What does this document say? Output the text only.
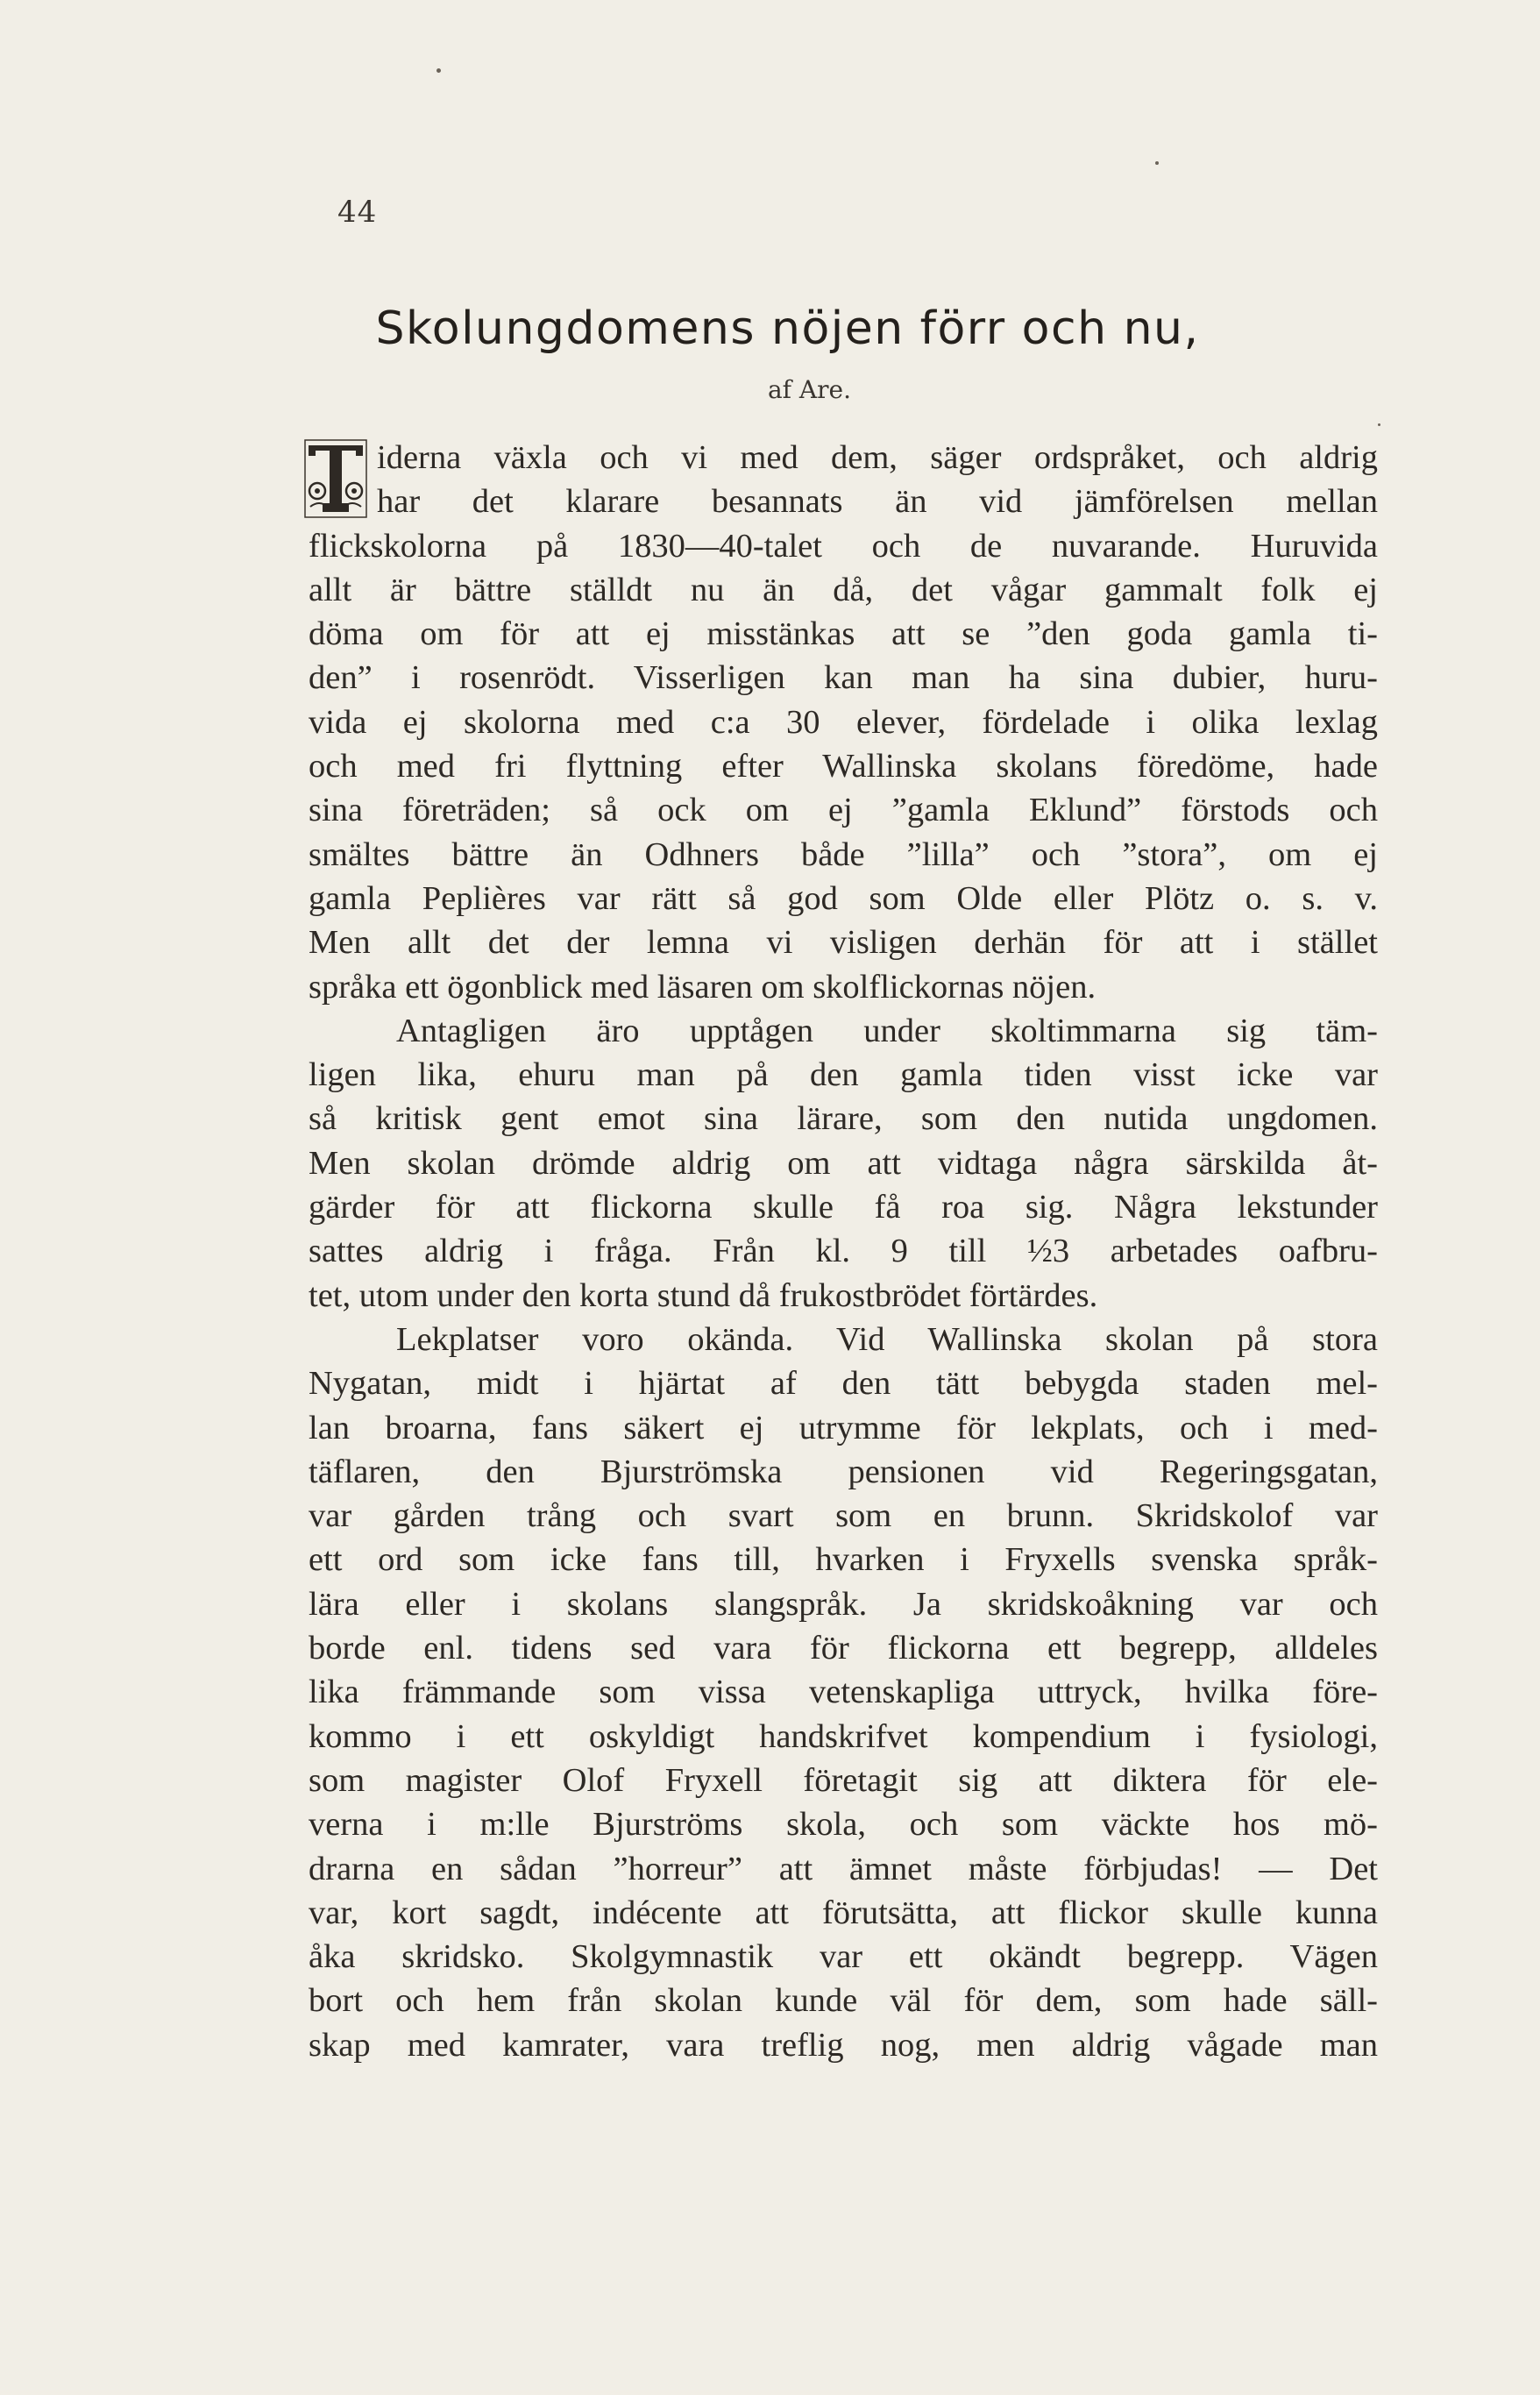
44
Skolungdomens nöjen förr och nu,
af Are.
iderna växla och vi med dem, säger ordspråket, och aldrig
har det klarare besannats än vid jämförelsen mellan
flickskolorna på 1830—40-talet och de nuvarande. Huruvida
allt är bättre ställdt nu än då, det vågar gammalt folk ej
döma om för att ej misstänkas att se ”den goda gamla ti-
den” i rosenrödt. Visserligen kan man ha sina dubier, huru-
vida ej skolorna med c:a 30 elever, fördelade i olika lexlag
och med fri flyttning efter Wallinska skolans föredöme, hade
sina företräden; så ock om ej ”gamla Eklund” förstods och
smältes bättre än Odhners både ”lilla” och ”stora”, om ej
gamla Peplières var rätt så god som Olde eller Plötz o. s. v.
Men allt det der lemna vi visligen derhän för att i stället
språka ett ögonblick med läsaren om skolflickornas nöjen.
Antagligen äro upptågen under skoltimmarna sig täm-
ligen lika, ehuru man på den gamla tiden visst icke var
så kritisk gent emot sina lärare, som den nutida ungdomen.
Men skolan drömde aldrig om att vidtaga några särskilda åt-
gärder för att flickorna skulle få roa sig. Några lekstunder
sattes aldrig i fråga. Från kl. 9 till ½3 arbetades oafbru-
tet, utom under den korta stund då frukostbrödet förtärdes.
Lekplatser voro okända. Vid Wallinska skolan på stora
Nygatan, midt i hjärtat af den tätt bebygda staden mel-
lan broarna, fans säkert ej utrymme för lekplats, och i med-
täflaren, den Bjurströmska pensionen vid Regeringsgatan,
var gården trång och svart som en brunn. Skridskolof var
ett ord som icke fans till, hvarken i Fryxells svenska språk-
lära eller i skolans slangspråk. Ja skridskoåkning var och
borde enl. tidens sed vara för flickorna ett begrepp, alldeles
lika främmande som vissa vetenskapliga uttryck, hvilka före-
kommo i ett oskyldigt handskrifvet kompendium i fysiologi,
som magister Olof Fryxell företagit sig att diktera för ele-
verna i m:lle Bjurströms skola, och som väckte hos mö-
drarna en sådan ”horreur” att ämnet måste förbjudas! — Det
var, kort sagdt, indécente att förutsätta, att flickor skulle kunna
åka skridsko. Skolgymnastik var ett okändt begrepp. Vägen
bort och hem från skolan kunde väl för dem, som hade säll-
skap med kamrater, vara treflig nog, men aldrig vågade man
